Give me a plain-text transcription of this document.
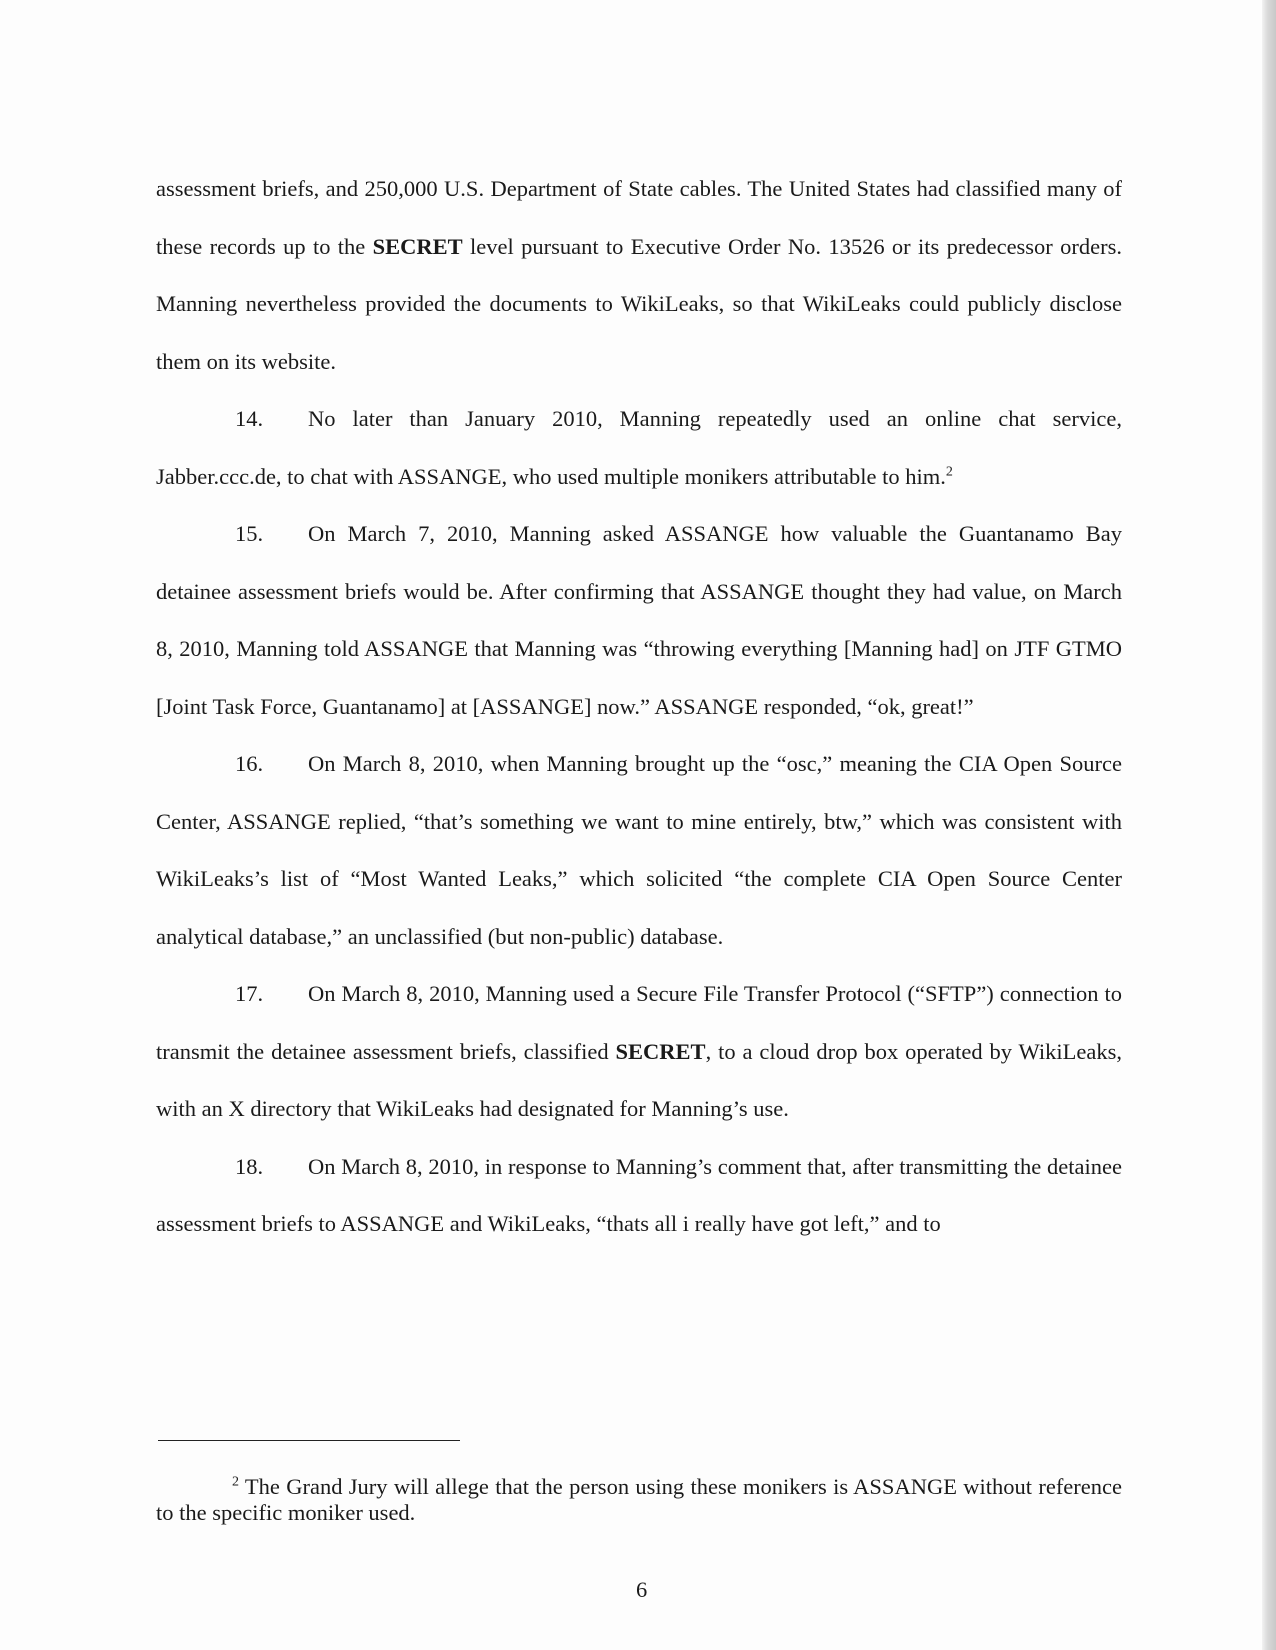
assessment briefs, and 250,000 U.S. Department of State cables. The United States had classified many of these records up to the SECRET level pursuant to Executive Order No. 13526 or its predecessor orders. Manning nevertheless provided the documents to WikiLeaks, so that WikiLeaks could publicly disclose them on its website.

14. No later than January 2010, Manning repeatedly used an online chat service, Jabber.ccc.de, to chat with ASSANGE, who used multiple monikers attributable to him.$^2$

15. On March 7, 2010, Manning asked ASSANGE how valuable the Guantanamo Bay detainee assessment briefs would be. After confirming that ASSANGE thought they had value, on March 8, 2010, Manning told ASSANGE that Manning was “throwing everything [Manning had] on JTF GTMO [Joint Task Force, Guantanamo] at [ASSANGE] now.” ASSANGE responded, “ok, great!”

16. On March 8, 2010, when Manning brought up the “osc,” meaning the CIA Open Source Center, ASSANGE replied, “that’s something we want to mine entirely, btw,” which was consistent with WikiLeaks’s list of “Most Wanted Leaks,” which solicited “the complete CIA Open Source Center analytical database,” an unclassified (but non-public) database.

17. On March 8, 2010, Manning used a Secure File Transfer Protocol (“SFTP”) connection to transmit the detainee assessment briefs, classified SECRET, to a cloud drop box operated by WikiLeaks, with an X directory that WikiLeaks had designated for Manning’s use.

18. On March 8, 2010, in response to Manning’s comment that, after transmitting the detainee assessment briefs to ASSANGE and WikiLeaks, “thats all i really have got left,” and to

$^2$ The Grand Jury will allege that the person using these monikers is ASSANGE without reference to the specific moniker used.

6
